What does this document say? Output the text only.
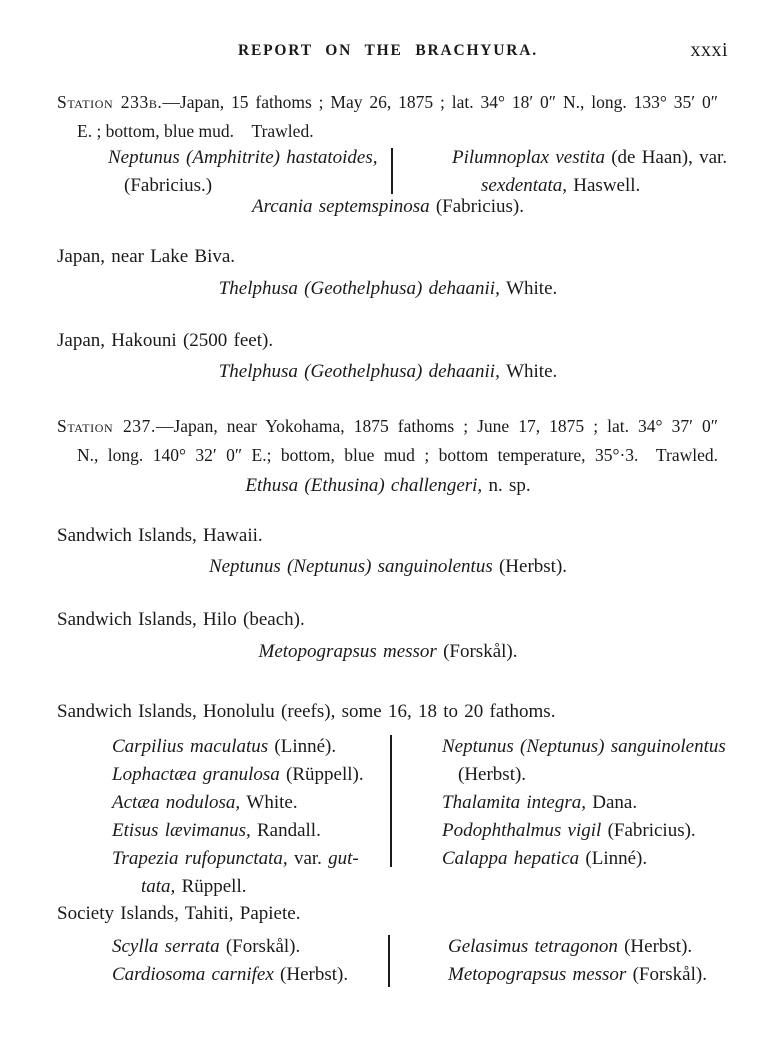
REPORT ON THE BRACHYURA.	xxxi
Station 233b.—Japan, 15 fathoms ; May 26, 1875 ; lat. 34° 18′ 0″ N., long. 133° 35′ 0″
E. ; bottom, blue mud. Trawled.
Neptunus (Amphitrite) hastatoides,
(Fabricius.)
Pilumnoplax vestita (de Haan), var.
sexdentata, Haswell.
Arcania septemspinosa (Fabricius).
Japan, near Lake Biva.
Thelphusa (Geothelphusa) dehaanii, White.
Japan, Hakouni (2500 feet).
Thelphusa (Geothelphusa) dehaanii, White.
Station 237.—Japan, near Yokohama, 1875 fathoms ; June 17, 1875 ; lat. 34° 37′ 0″
N., long. 140° 32′ 0″ E.; bottom, blue mud ; bottom temperature, 35°·3. Trawled.
Ethusa (Ethusina) challengeri, n. sp.
Sandwich Islands, Hawaii.
Neptunus (Neptunus) sanguinolentus (Herbst).
Sandwich Islands, Hilo (beach).
Metopograpsus messor (Forskål).
Sandwich Islands, Honolulu (reefs), some 16, 18 to 20 fathoms.
Carpilius maculatus (Linné).
Lophactæa granulosa (Rüppell).
Actæa nodulosa, White.
Etisus lævimanus, Randall.
Trapezia rufopunctata, var. gut-
tata, Rüppell.
Neptunus (Neptunus) sanguinolentus
(Herbst).
Thalamita integra, Dana.
Podophthalmus vigil (Fabricius).
Calappa hepatica (Linné).
Society Islands, Tahiti, Papiete.
Scylla serrata (Forskål).
Cardiosoma carnifex (Herbst).
Gelasimus tetragonon (Herbst).
Metopograpsus messor (Forskål).
